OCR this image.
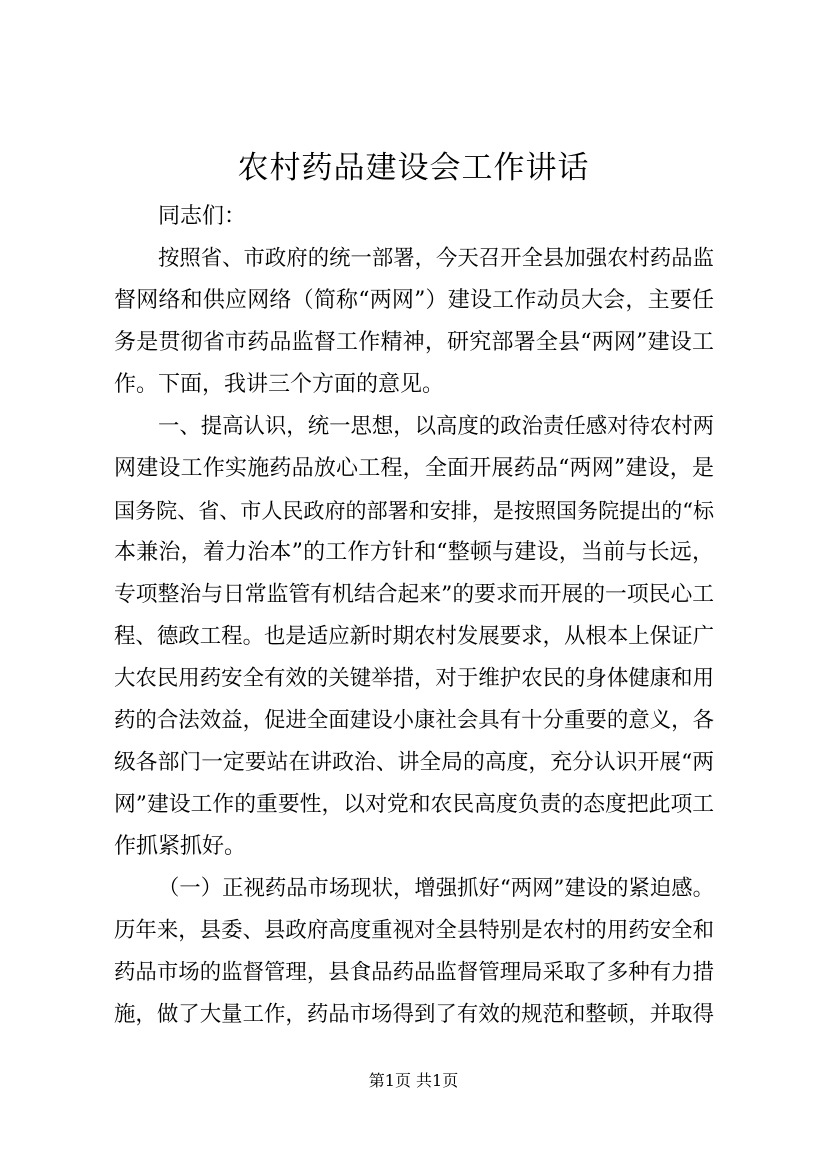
农村药品建设会工作讲话
同志们：
按照省、市政府的统一部署，今天召开全县加强农村药品监
督网络和供应网络（简称“两网”）建设工作动员大会，主要任
务是贯彻省市药品监督工作精神，研究部署全县“两网”建设工
作。下面，我讲三个方面的意见。
一、提高认识，统一思想，以高度的政治责任感对待农村两
网建设工作实施药品放心工程，全面开展药品“两网”建设，是
国务院、省、市人民政府的部署和安排，是按照国务院提出的“标
本兼治，着力治本”的工作方针和“整顿与建设，当前与长远，
专项整治与日常监管有机结合起来”的要求而开展的一项民心工
程、德政工程。也是适应新时期农村发展要求，从根本上保证广
大农民用药安全有效的关键举措，对于维护农民的身体健康和用
药的合法效益，促进全面建设小康社会具有十分重要的意义，各
级各部门一定要站在讲政治、讲全局的高度，充分认识开展“两
网”建设工作的重要性，以对党和农民高度负责的态度把此项工
作抓紧抓好。
（一）正视药品市场现状，增强抓好“两网”建设的紧迫感。
历年来，县委、县政府高度重视对全县特别是农村的用药安全和
药品市场的监督管理，县食品药品监督管理局采取了多种有力措
施，做了大量工作，药品市场得到了有效的规范和整顿，并取得
第1页 共1页
